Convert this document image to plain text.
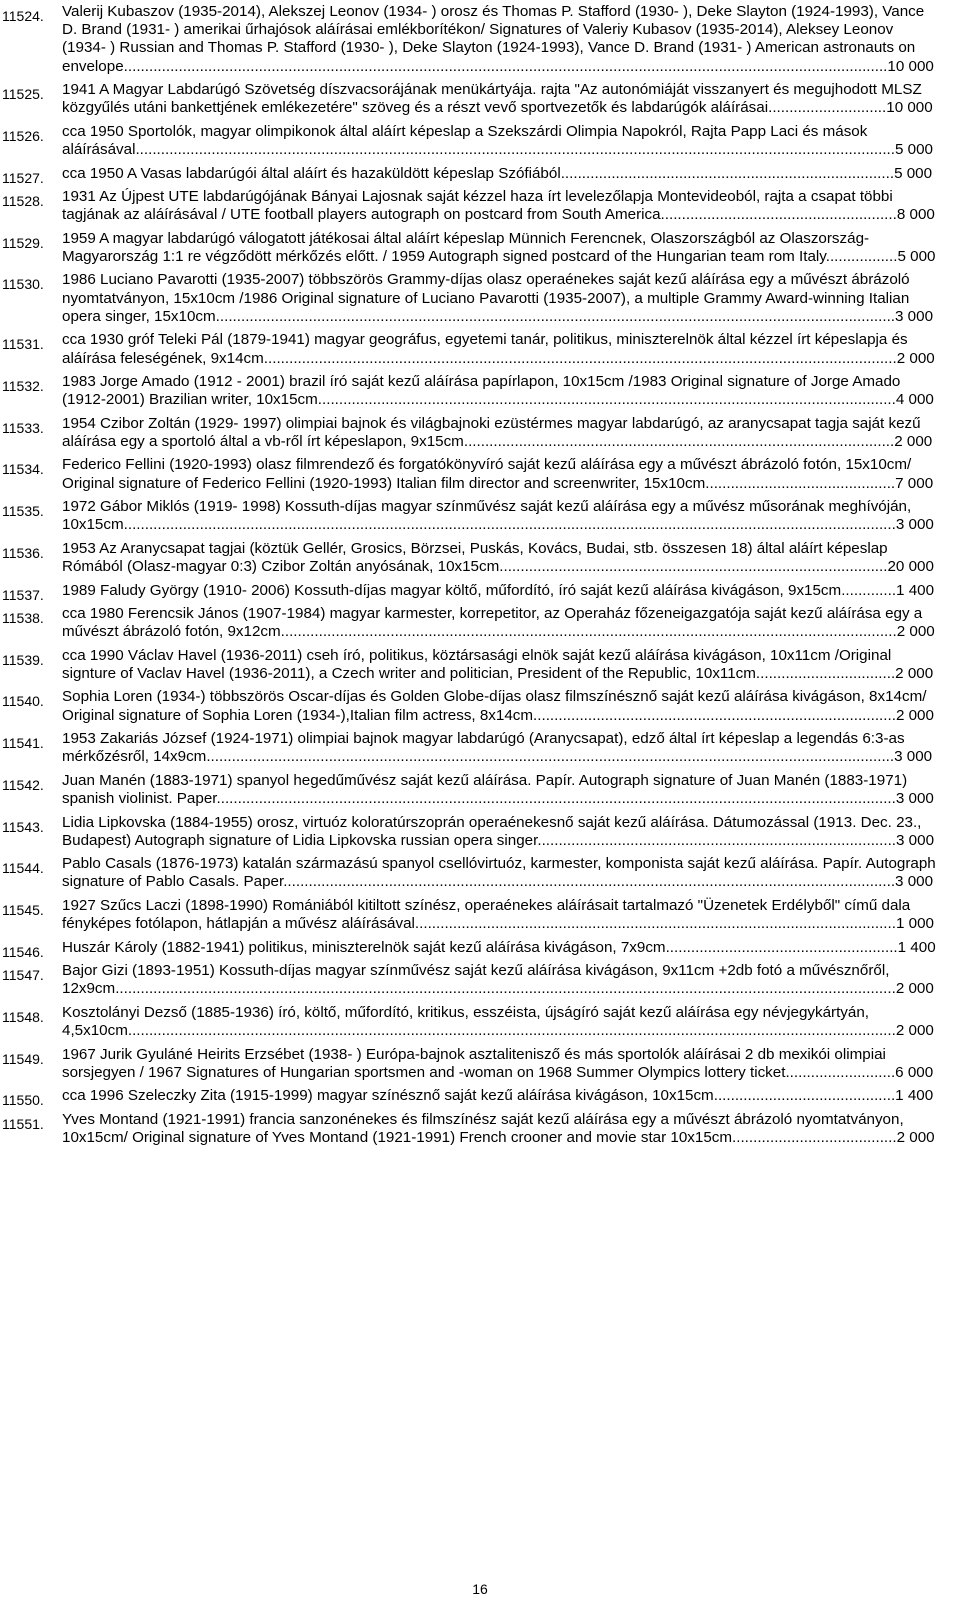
11524. Valerij Kubaszov (1935-2014), Alekszej Leonov (1934- ) orosz és Thomas P. Stafford (1930- ), Deke Slayton (1924-1993), Vance D. Brand (1931- ) amerikai űrhajósok aláírásai emlékborítékon/ Signatures of Valeriy Kubasov (1935-2014), Aleksey Leonov (1934- ) Russian and Thomas P. Stafford (1930- ), Deke Slayton (1924-1993), Vance D. Brand (1931- ) American astronauts on envelope.....................................................................................................................................................................................10 000
11525. 1941 A Magyar Labdarúgó Szövetség díszvacsorájának menükártyája. rajta "Az autonómiáját visszanyert és megujhodott MLSZ közgyűlés utáni bankettjének emlékezetére" szöveg és a részt vevő sportvezetők és labdarúgók aláírásai............................10 000
11526. cca 1950 Sportolók, magyar olimpikonok által aláírt képeslap a Szekszárdi Olimpia Napokról, Rajta Papp Laci és mások aláírásával....................................................................................................................................................................................5 000
11527. cca 1950 A Vasas labdarúgói által aláírt és hazaküldött képeslap Szófiából...............................................................................5 000
11528. 1931 Az Újpest UTE labdarúgójának Bányai Lajosnak saját kézzel haza írt levelezőlapja Montevideoból, rajta a csapat többi tagjának az aláírásával / UTE football players autograph on postcard from South America........................................................8 000
11529. 1959 A magyar labdarúgó válogatott játékosai által aláírt képeslap Münnich Ferencnek, Olaszországból az Olaszország-Magyarország 1:1 re végződött mérkőzés előtt. / 1959 Autograph signed postcard of the Hungarian team rom Italy.................5 000
11530. 1986 Luciano Pavarotti (1935-2007) többszörös Grammy-díjas olasz operaénekes saját kezű aláírása egy a művészt ábrázoló nyomtatványon, 15x10cm /1986 Original signature of Luciano Pavarotti (1935-2007), a multiple Grammy Award-winning Italian opera singer, 15x10cm.................................................................................................................................................................3 000
11531. cca 1930 gróf Teleki Pál (1879-1941) magyar geográfus, egyetemi tanár, politikus, miniszterelnök által kézzel írt képeslapja és aláírása feleségének, 9x14cm......................................................................................................................................................2 000
11532. 1983 Jorge Amado (1912 - 2001) brazil író saját kezű aláírása papírlapon, 10x15cm /1983 Original signature of Jorge Amado (1912-2001) Brazilian writer, 10x15cm.........................................................................................................................................4 000
11533. 1954 Czibor Zoltán (1929- 1997) olimpiai bajnok és világbajnoki ezüstérmes magyar labdarúgó, az aranycsapat tagja saját kezű aláírása egy a sportoló által a vb-ről írt képeslapon, 9x15cm......................................................................................................2 000
11534. Federico Fellini (1920-1993) olasz filmrendező és forgatókönyvíró saját kezű aláírása egy a művészt ábrázoló fotón, 15x10cm/ Original signature of Federico Fellini (1920-1993) Italian film director and screenwriter, 15x10cm.............................................7 000
11535. 1972 Gábor Miklós (1919- 1998) Kossuth-díjas magyar színművész saját kezű aláírása egy a művész műsorának meghívóján, 10x15cm.......................................................................................................................................................................................3 000
11536. 1953 Az Aranycsapat tagjai (köztük Gellér, Grosics, Börzsei, Puskás, Kovács, Budai, stb. összesen 18) által aláírt képeslap Rómából (Olasz-magyar 0:3) Czibor Zoltán anyósának, 10x15cm............................................................................................20 000
11537. 1989 Faludy György (1910- 2006) Kossuth-díjas magyar költő, műfordító, író saját kezű aláírása kivágáson, 9x15cm.............1 400
11538. cca 1980 Ferencsik János (1907-1984) magyar karmester, korrepetitor, az Operaház főzeneigazgatója saját kezű aláírása egy a művészt ábrázoló fotón, 9x12cm..................................................................................................................................................2 000
11539. cca 1990 Václav Havel (1936-2011) cseh író, politikus, köztársasági elnök saját kezű aláírása kivágáson, 10x11cm /Original signture of Vaclav Havel (1936-2011), a Czech writer and politician, President of the Republic, 10x11cm.................................2 000
11540. Sophia Loren (1934-) többszörös Oscar-díjas és Golden Globe-díjas olasz filmszínésznő saját kezű aláírása kivágáson, 8x14cm/ Original signature of Sophia Loren (1934-),Italian film actress, 8x14cm......................................................................................2 000
11541. 1953 Zakariás József (1924-1971) olimpiai bajnok magyar labdarúgó (Aranycsapat), edző által írt képeslap a legendás 6:3-as mérkőzésről, 14x9cm...................................................................................................................................................................3 000
11542. Juan Manén (1883-1971) spanyol hegedűművész saját kezű aláírása. Papír. Autograph signature of Juan Manén (1883-1971) spanish violinist. Paper.................................................................................................................................................................3 000
11543. Lidia Lipkovska (1884-1955) orosz, virtuóz koloratúrszoprán operaénekesnő saját kezű aláírása. Dátumozással (1913. Dec. 23., Budapest) Autograph signature of Lidia Lipkovska russian opera singer.....................................................................................3 000
11544. Pablo Casals (1876-1973) katalán származású spanyol csellóvirtuóz, karmester, komponista saját kezű aláírása. Papír. Autograph signature of Pablo Casals. Paper.................................................................................................................................................3 000
11545. 1927 Szűcs Laczi (1898-1990) Romániából kitiltott színész, operaénekes aláírásait tartalmazó "Üzenetek Erdélyből" című dala fényképes fotólapon, hátlapján a művész aláírásával..................................................................................................................1 000
11546. Huszár Károly (1882-1941) politikus, miniszterelnök saját kezű aláírása kivágáson, 7x9cm.......................................................1 400
11547. Bajor Gizi (1893-1951) Kossuth-díjas magyar színművész saját kezű aláírása kivágáson, 9x11cm +2db fotó a művésznőről, 12x9cm.........................................................................................................................................................................................2 000
11548. Kosztolányi Dezső (1885-1936) író, költő, műfordító, kritikus, esszéista, újságíró saját kezű aláírása egy névjegykártyán, 4,5x10cm......................................................................................................................................................................................2 000
11549. 1967 Jurik Gyuláné Heirits Erzsébet (1938- ) Európa-bajnok asztalitenisző és más sportolók aláírásai 2 db mexikói olimpiai sorsjegyen / 1967 Signatures of Hungarian sportsmen and -woman on 1968 Summer Olympics lottery ticket..........................6 000
11550. cca 1996 Szeleczky Zita (1915-1999) magyar színésznő saját kezű aláírása kivágáson, 10x15cm...........................................1 400
11551. Yves Montand (1921-1991) francia sanzonénekes és filmszínész saját kezű aláírása egy a művészt ábrázoló nyomtatványon, 10x15cm/ Original signature of Yves Montand (1921-1991) French crooner and movie star 10x15cm.......................................2 000
16
